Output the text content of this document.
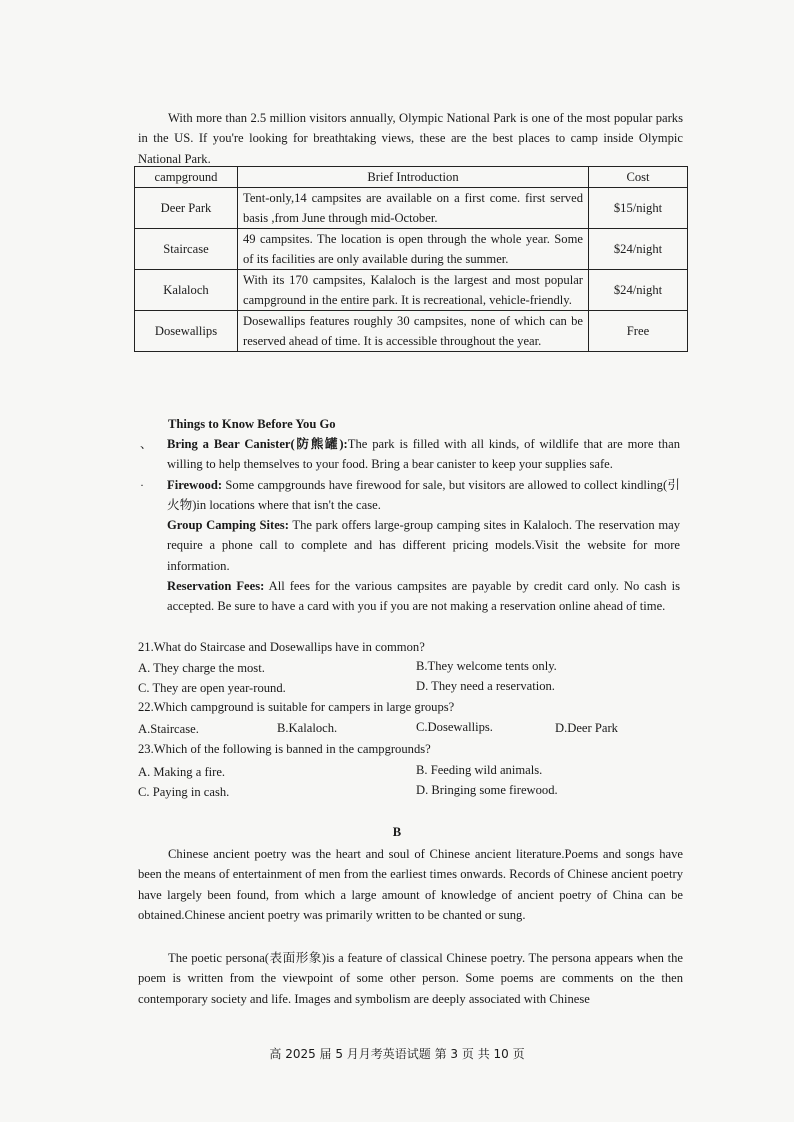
With more than 2.5 million visitors annually, Olympic National Park is one of the most popular parks in the US. If you're looking for breathtaking views, these are the best places to camp inside Olympic National Park.
campground	Brief Introduction	Cost
Deer Park	Tent-only,14 campsites are available on a first come. first served basis ,from June through mid-October.	$15/night
Staircase	49 campsites. The location is open through the whole year. Some of its facilities are only available during the summer.	$24/night
Kalaloch	With its 170 campsites, Kalaloch is the largest and most popular campground in the entire park. It is recreational, vehicle-friendly.	$24/night
Dosewallips	Dosewallips features roughly 30 campsites, none of which can be reserved ahead of time. It is accessible throughout the year.	Free
Things to Know Before You Go
、 Bring a Bear Canister(防熊罐):The park is filled with all kinds, of wildlife that are more than willing to help themselves to your food. Bring a bear canister to keep your supplies safe.
· Firewood: Some campgrounds have firewood for sale, but visitors are allowed to collect kindling(引火物)in locations where that isn't the case.
Group Camping Sites: The park offers large-group camping sites in Kalaloch. The reservation may require a phone call to complete and has different pricing models.Visit the website for more information.
Reservation Fees: All fees for the various campsites are payable by credit card only. No cash is accepted. Be sure to have a card with you if you are not making a reservation online ahead of time.
21.What do Staircase and Dosewallips have in common?
A. They charge the most.	B.They welcome tents only.
C. They are open year-round.	D. They need a reservation.
22.Which campground is suitable for campers in large groups?
A.Staircase.	B.Kalaloch.	C.Dosewallips.	D.Deer Park
23.Which of the following is banned in the campgrounds?
A. Making a fire.	B. Feeding wild animals.
C. Paying in cash.	D. Bringing some firewood.
B
Chinese ancient poetry was the heart and soul of Chinese ancient literature.Poems and songs have been the means of entertainment of men from the earliest times onwards. Records of Chinese ancient poetry have largely been found, from which a large amount of knowledge of ancient poetry of China can be obtained.Chinese ancient poetry was primarily written to be chanted or sung.
The poetic persona(表面形象)is a feature of classical Chinese poetry. The persona appears when the poem is written from the viewpoint of some other person. Some poems are comments on the then contemporary society and life. Images and symbolism are deeply associated with Chinese
高 2025 届 5 月月考英语试题 第 3 页 共 10 页
